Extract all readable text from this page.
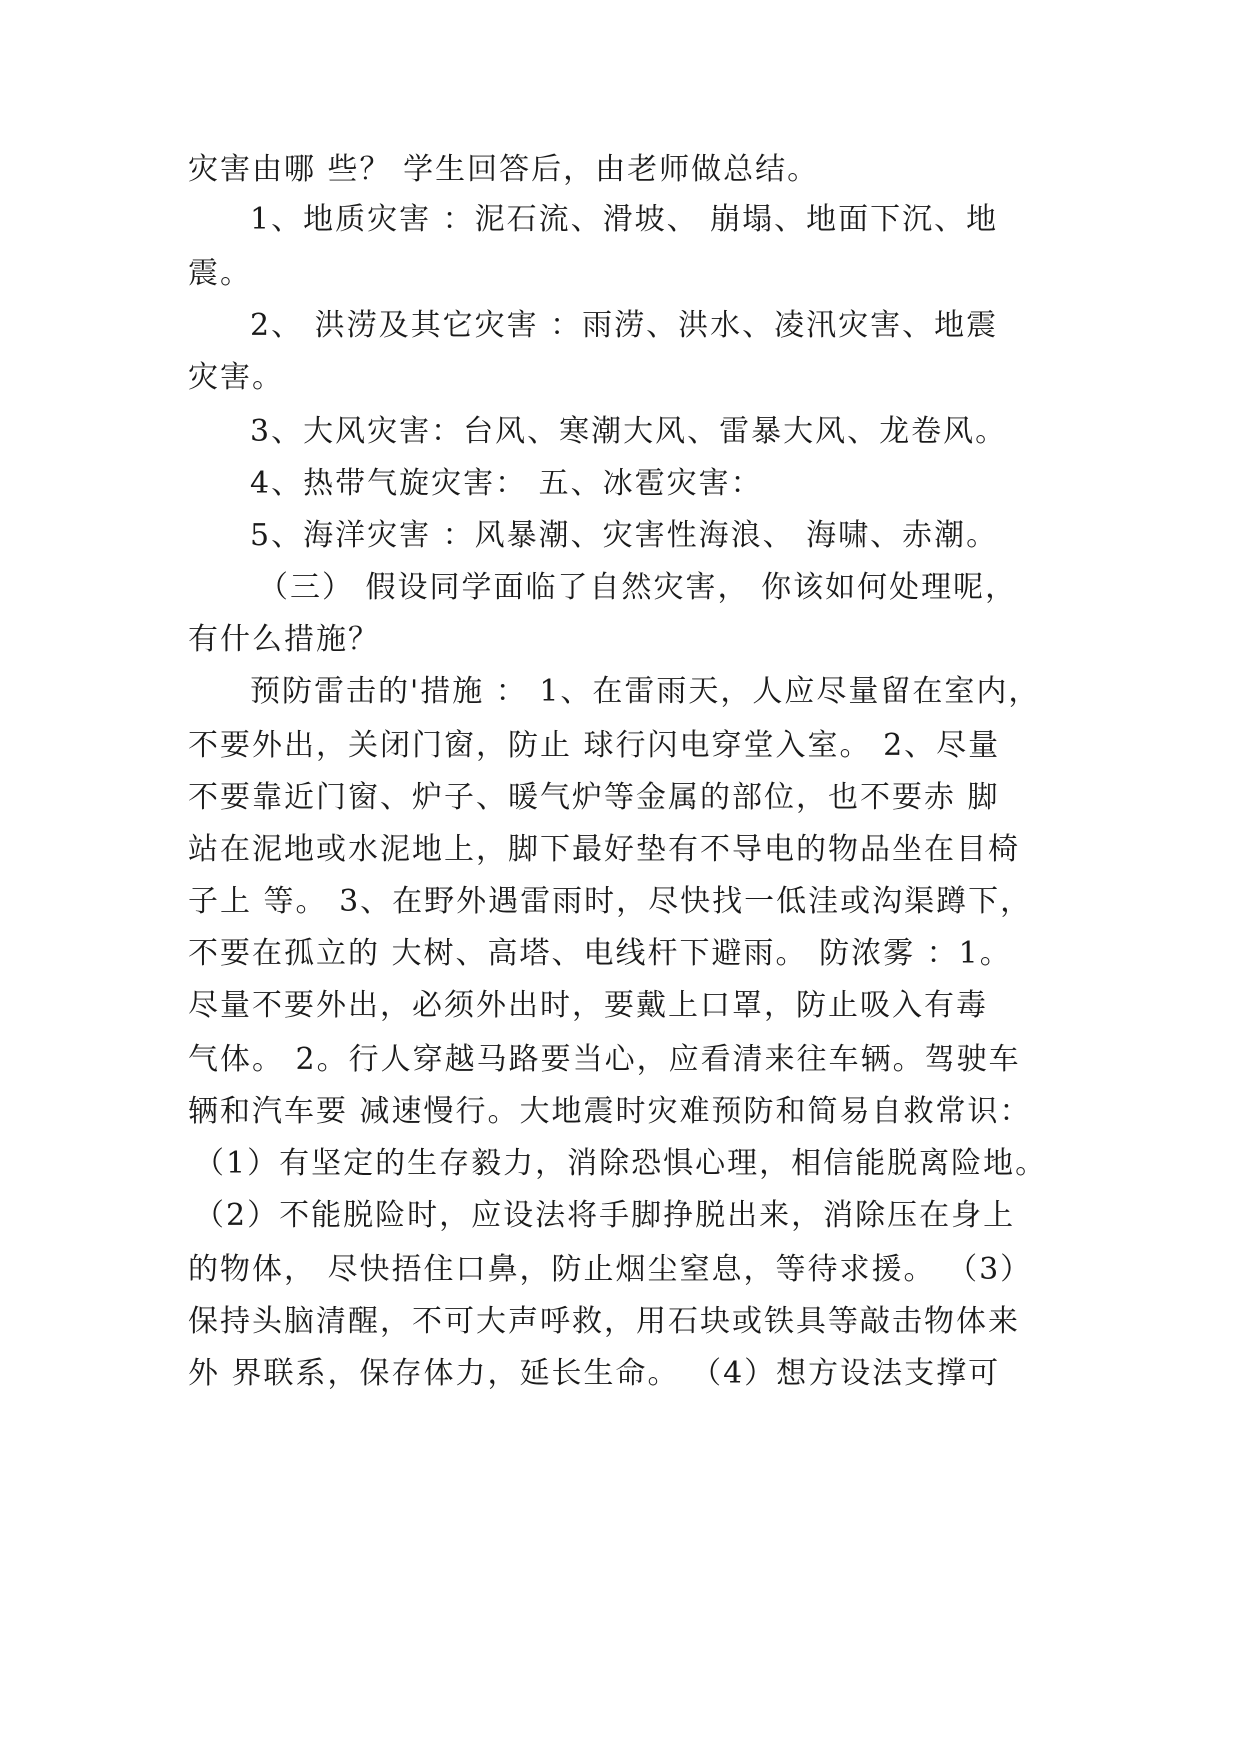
灾害由哪 些？ 学生回答后，由老师做总结。
1、地质灾害 ：泥石流、滑坡、 崩塌、地面下沉、地
震。
2、 洪涝及其它灾害 ：雨涝、洪水、凌汛灾害、地震
灾害。
3、大风灾害：台风、寒潮大风、雷暴大风、龙卷风。
4、热带气旋灾害： 五、冰雹灾害：
5、海洋灾害 ：风暴潮、灾害性海浪、 海啸、赤潮。
（三） 假设同学面临了自然灾害， 你该如何处理呢，
有什么措施？
预防雷击的'措施 ： 1、在雷雨天，人应尽量留在室内，
不要外出，关闭门窗，防止 球行闪电穿堂入室。 2、尽量
不要靠近门窗、炉子、暖气炉等金属的部位，也不要赤 脚
站在泥地或水泥地上，脚下最好垫有不导电的物品坐在目椅
子上 等。 3、在野外遇雷雨时，尽快找一低洼或沟渠蹲下，
不要在孤立的 大树、高塔、电线杆下避雨。 防浓雾 ：1。
尽量不要外出，必须外出时，要戴上口罩，防止吸入有毒
气体。 2。行人穿越马路要当心，应看清来往车辆。驾驶车
辆和汽车要 减速慢行。大地震时灾难预防和简易自救常识：
（1）有坚定的生存毅力，消除恐惧心理，相信能脱离险地。
（2）不能脱险时，应设法将手脚挣脱出来，消除压在身上
的物体， 尽快捂住口鼻，防止烟尘窒息，等待求援。 （3）
保持头脑清醒，不可大声呼救，用石块或铁具等敲击物体来
外 界联系，保存体力，延长生命。 （4）想方设法支撑可
